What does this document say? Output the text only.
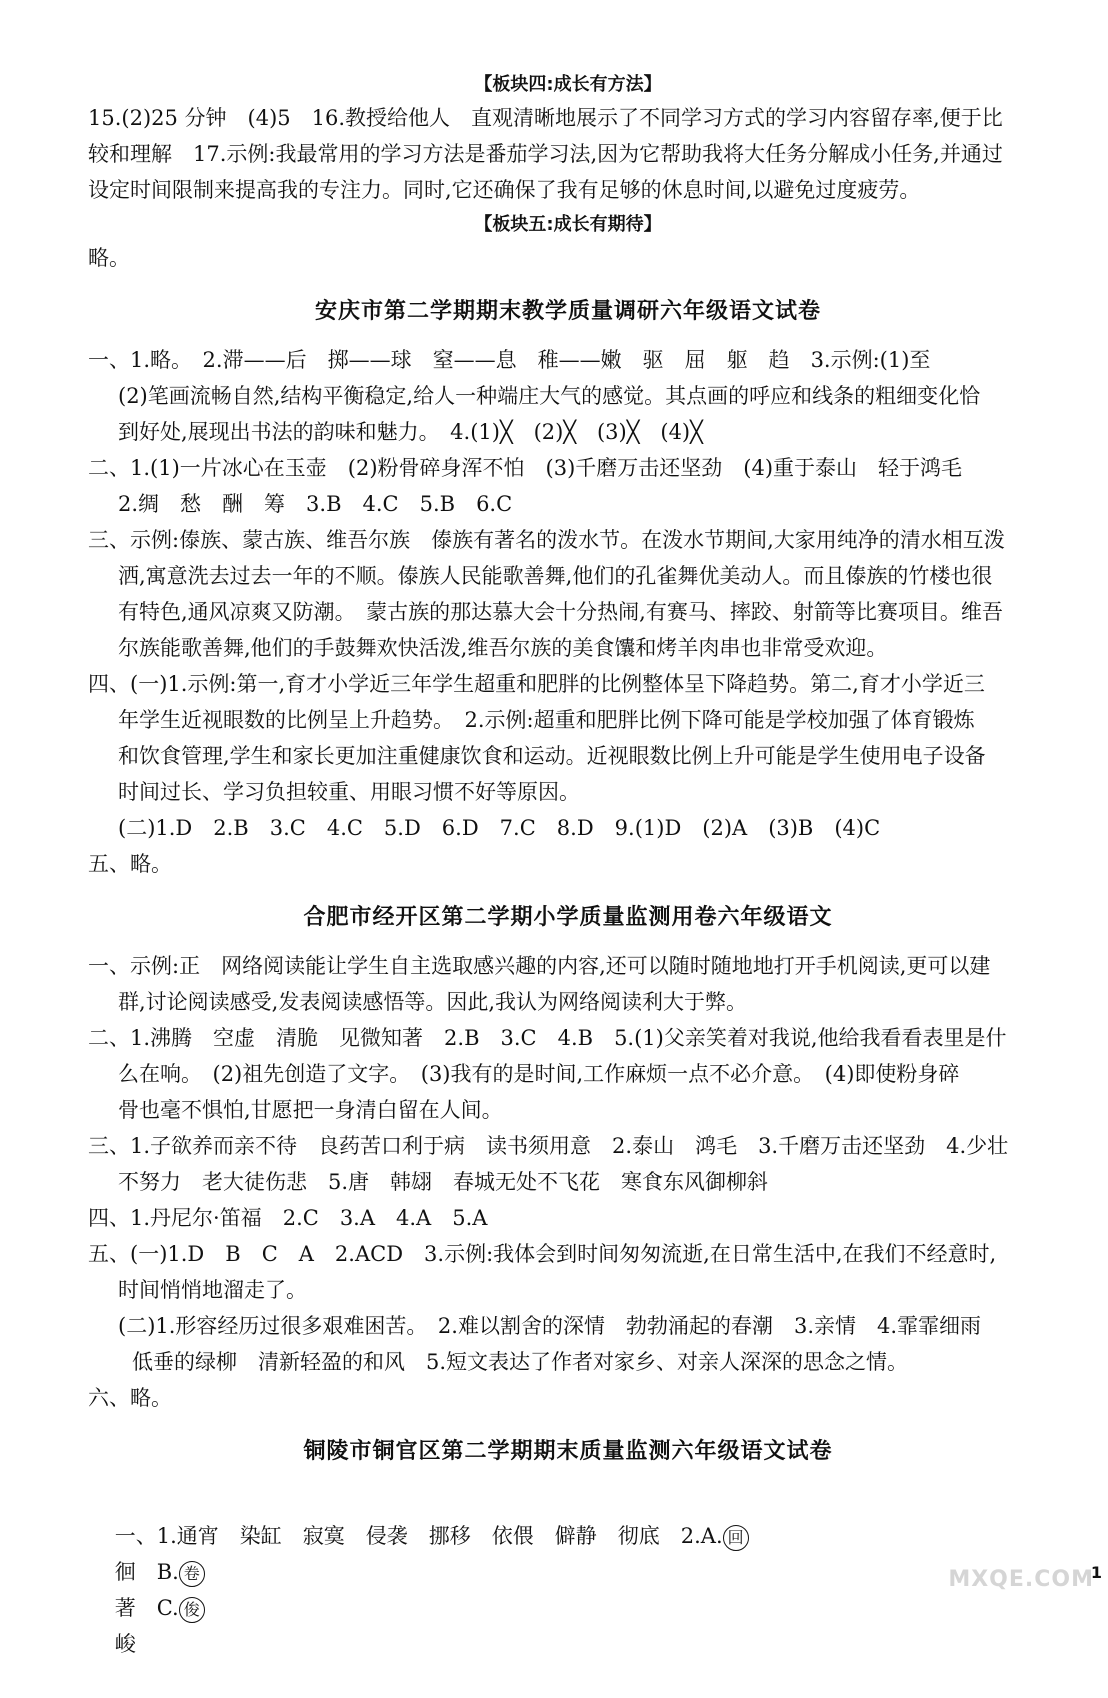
【板块四:成长有方法】

15.(2)25 分钟　(4)5　16.教授给他人　直观清晰地展示了不同学习方式的学习内容留存率,便于比

较和理解　17.示例:我最常用的学习方法是番茄学习法,因为它帮助我将大任务分解成小任务,并通过

设定时间限制来提高我的专注力。同时,它还确保了我有足够的休息时间,以避免过度疲劳。

【板块五:成长有期待】

略。

安庆市第二学期期末教学质量调研六年级语文试卷

一、1.略。　2.滞——后　掷——球　窒——息　稚——嫩　驱　屈　躯　趋　3.示例:(1)至

(2)笔画流畅自然,结构平衡稳定,给人一种端庄大气的感觉。其点画的呼应和线条的粗细变化恰

到好处,展现出书法的韵味和魅力。　4.(1)╳　(2)╳　(3)╳　(4)╳

二、1.(1)一片冰心在玉壶　(2)粉骨碎身浑不怕　(3)千磨万击还坚劲　(4)重于泰山　轻于鸿毛

2.绸　愁　酬　筹　3.B　4.C　5.B　6.C

三、示例:傣族、蒙古族、维吾尔族　傣族有著名的泼水节。在泼水节期间,大家用纯净的清水相互泼

洒,寓意洗去过去一年的不顺。傣族人民能歌善舞,他们的孔雀舞优美动人。而且傣族的竹楼也很

有特色,通风凉爽又防潮。　蒙古族的那达慕大会十分热闹,有赛马、摔跤、射箭等比赛项目。维吾

尔族能歌善舞,他们的手鼓舞欢快活泼,维吾尔族的美食馕和烤羊肉串也非常受欢迎。

四、(一)1.示例:第一,育才小学近三年学生超重和肥胖的比例整体呈下降趋势。第二,育才小学近三

年学生近视眼数的比例呈上升趋势。　2.示例:超重和肥胖比例下降可能是学校加强了体育锻炼

和饮食管理,学生和家长更加注重健康饮食和运动。近视眼数比例上升可能是学生使用电子设备

时间过长、学习负担较重、用眼习惯不好等原因。

(二)1.D　2.B　3.C　4.C　5.D　6.D　7.C　8.D　9.(1)D　(2)A　(3)B　(4)C

五、略。

合肥市经开区第二学期小学质量监测用卷六年级语文

一、示例:正　网络阅读能让学生自主选取感兴趣的内容,还可以随时随地地打开手机阅读,更可以建

群,讨论阅读感受,发表阅读感悟等。因此,我认为网络阅读利大于弊。

二、1.沸腾　空虚　清脆　见微知著　2.B　3.C　4.B　5.(1)父亲笑着对我说,他给我看看表里是什

么在响。　(2)祖先创造了文字。　(3)我有的是时间,工作麻烦一点不必介意。　(4)即使粉身碎

骨也毫不惧怕,甘愿把一身清白留在人间。

三、1.子欲养而亲不待　良药苦口利于病　读书须用意　2.泰山　鸿毛　3.千磨万击还坚劲　4.少壮

不努力　老大徒伤悲　5.唐　韩翃　春城无处不飞花　寒食东风御柳斜

四、1.丹尼尔·笛福　2.C　3.A　4.A　5.A

五、(一)1.D　B　C　A　2.ACD　3.示例:我体会到时间匆匆流逝,在日常生活中,在我们不经意时,

时间悄悄地溜走了。

(二)1.形容经历过很多艰难困苦。　2.难以割舍的深情　勃勃涌起的春潮　3.亲情　4.霏霏细雨

低垂的绿柳　清新轻盈的和风　5.短文表达了作者对家乡、对亲人深深的思念之情。

六、略。

铜陵市铜官区第二学期期末质量监测六年级语文试卷

一、1.通宵　染缸　寂寞　侵袭　挪移　依偎　僻静　彻底　2.A. 回
徊　B. 卷
著　C. 俊
峻

MXQE.COM
1
